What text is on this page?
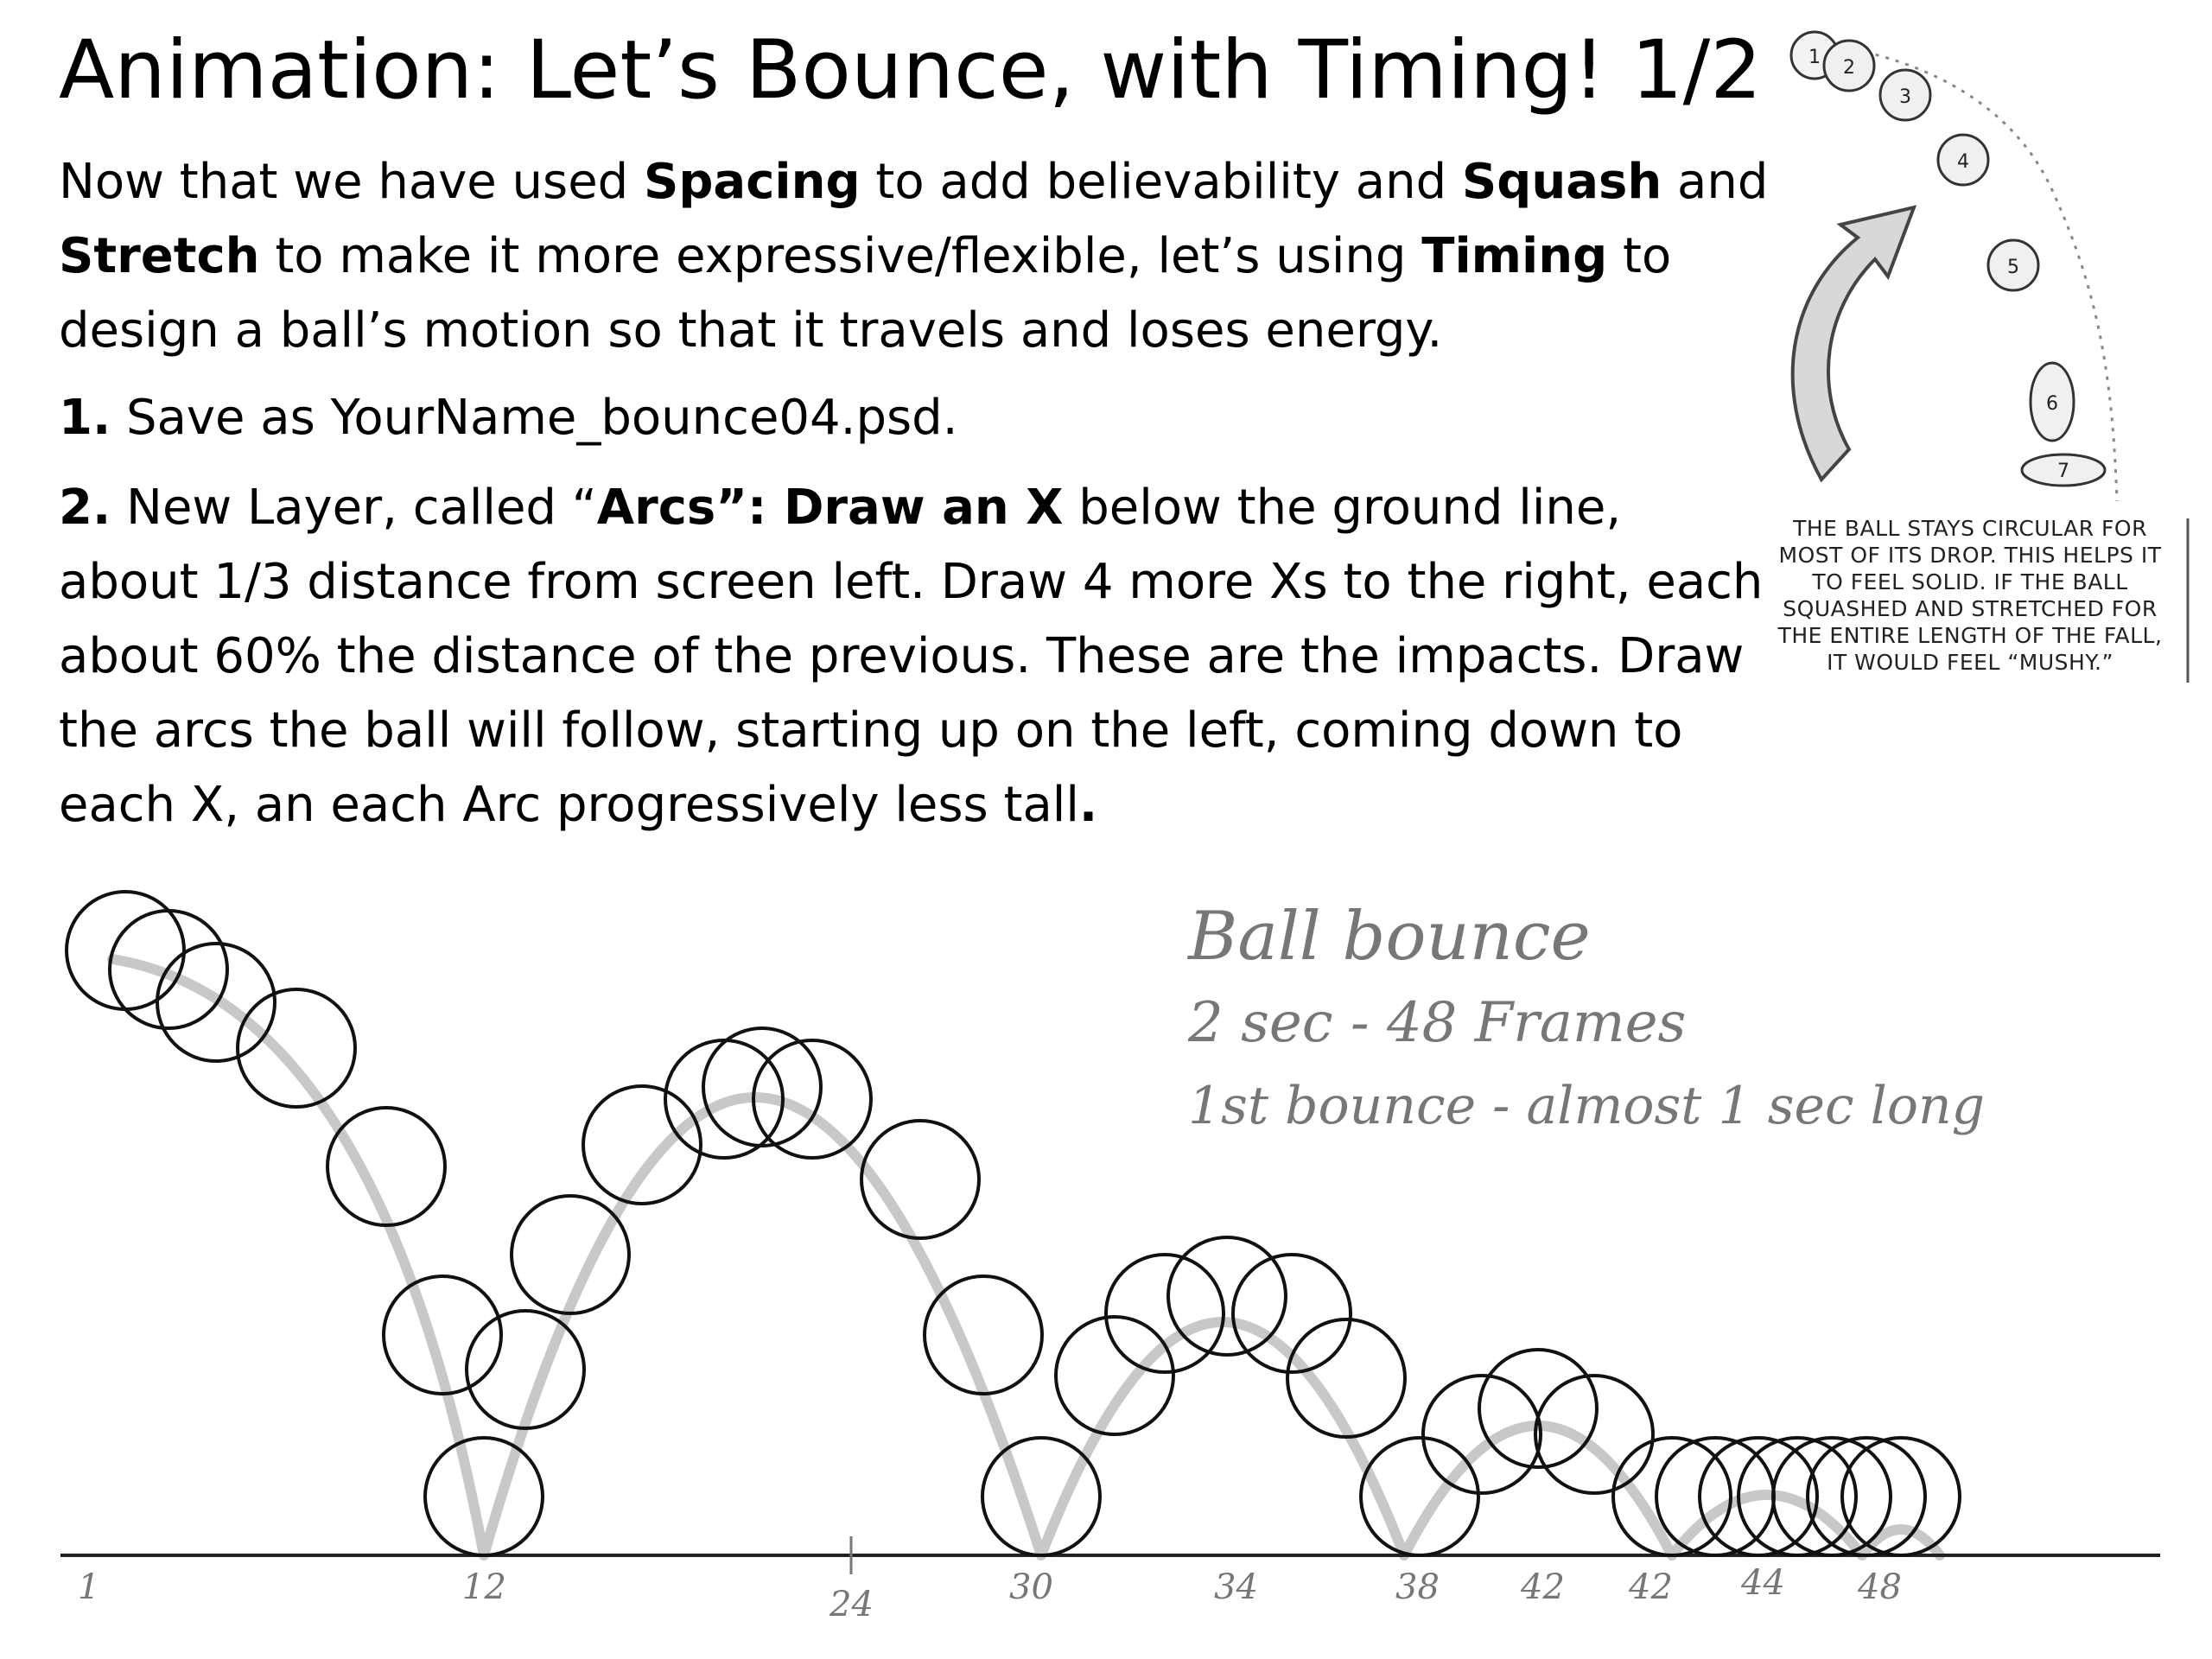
Animation: Let’s Bounce, with Timing! 1/2
Now that we have used Spacing to add believability and Squash and Stretch to make it more expressive/flexible, let’s using Timing to design a ball’s motion so that it travels and loses energy.
1. Save as YourName_bounce04.psd.
2. New Layer, called “Arcs”: Draw an X below the ground line, about 1/3 distance from screen left. Draw 4 more Xs to the right, each about 60% the distance of the previous. These are the impacts. Draw the arcs the ball will follow, starting up on the left, coming down to each X, an each Arc progressively less tall.
1 2
3
4
5
6
7
THE BALL STAYS CIRCULAR FOR
MOST OF ITS DROP. THIS HELPS IT
TO FEEL SOLID. IF THE BALL
SQUASHED AND STRETCHED FOR
THE ENTIRE LENGTH OF THE FALL,
IT WOULD FEEL “MUSHY.”
Ball bounce
2 sec - 48 Frames
1st bounce - almost 1 sec long
1	12	24	30	34	38 42 42 44 48
